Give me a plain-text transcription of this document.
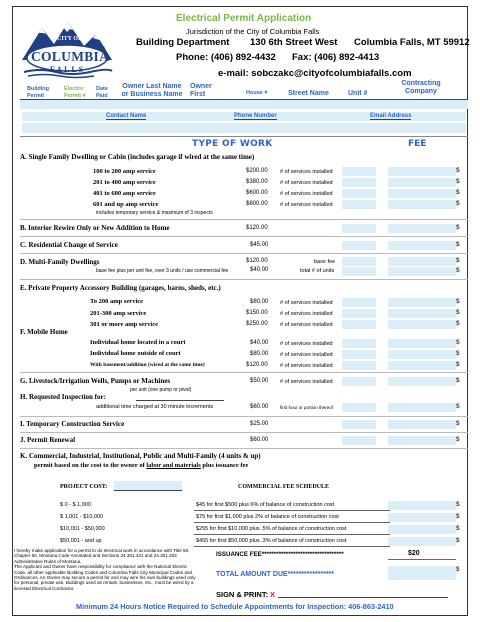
CITY OF
COLUMBIA
FALLS
Electrical Permit Application
Jurisdiction of the City of Columbia Falls
Building Department 130 6th Street West Columbia Falls, MT 59912
Phone: (406) 892-4432 Fax: (406) 892-4413
e-mail: sobczakc@cityofcolumbiafalls.com
Building Permit
Electric Permit #
Date Paid
Owner Last Name or Business Name
Owner First	House #	Street Name	Unit #
Contracting Company
Contact Name	Phone Number	Email Address
TYPE OF WORK	FEE
A. Single Family Dwelling or Cabin (includes garage if wired at the same time)
100 to 200 amp service	$200.00 # of services installed	$
201 to 400 amp service	$380.00 # of services installed	$
401 to 600 amp service	$600.00 # of services installed	$
601 and up amp service	$800.00 # of services installed	$
includes temporary service & maximum of 3 inspects
B. Interior Rewire Only or New Addition to Home	$120.00	$
C. Residential Change of Service	$45.00	$
D. Multi-Family Dwellings	$120.00	base fee	$
base fee plus per unit fee, over 3 units / use commercial fee	$40.00	total # of units	$
E. Private Property Accessory Building (garages, barns, sheds, etc.)
To 200 amp service	$80.00 # of services installed	$
201-300 amp service	$150.00 # of services installed	$
301 or more amp service	$250.00 # of services installed	$
F. Mobile Home
Individual home located in a court	$40.00 # of services installed	$
Individual home outside of court	$80.00 # of services installed	$
With basement/addition (wired at the same time)	$120.00 # of services installed	$
G. Livestock/Irrigation Wells, Pumps or Machines	$50.00 # of services installed	$
per unit (one pump or pivot)
H. Requested Inspection for:
additional time charged at 30 minute increments	$60.00	first hour or portion thereof	$
I. Temporary Construction Service	$25.00	$
J. Permit Renewal	$60.00	$
K. Commercial, Industrial, Institutional, Public and Multi-Family (4 units & up)
permit based on the cost to the owner of labor and materials plus issuance fee
PROJECT COST:	COMMERCIAL FEE SCHEDULE
$ 0 - $ 1,000	$45 for first $500 plus 6% of balance of construction cost	$
$ 1,001 - $10,000	$75 for first $1,000 plus 2% of balance of construction cost	$
$10,001 - $50,000	$255 for first $10,000 plus .5% of balance of construction cost	$
$50,001 - and up	$455 for first $50,000 plus .3% of balance of construction cost	$
I hereby make application for a permit to do electrical work in accordance with Title 50, Chapter 60, Montana Code Annotated and Sections 24.301.421 and 24.301.203 Administrative Rules of Montana.
The Applicant and Owner have responsibility for compliance with the National Electric Code, all other applicable Building Codes and Columbia Falls City Municipal Codes and Ordinances. An Owner may secure a permit for and may wire his own buildings used only for personal, private use. Buildings used as rentals, businesses, etc., must be wired by a licensed Electrical Contractor.
ISSUANCE FEE**********************************	$20
TOTAL AMOUNT DUE*****************
$
SIGN & PRINT: X
Minimum 24 Hours Notice Required to Schedule Appointments for Inspection: 406-863-2410
